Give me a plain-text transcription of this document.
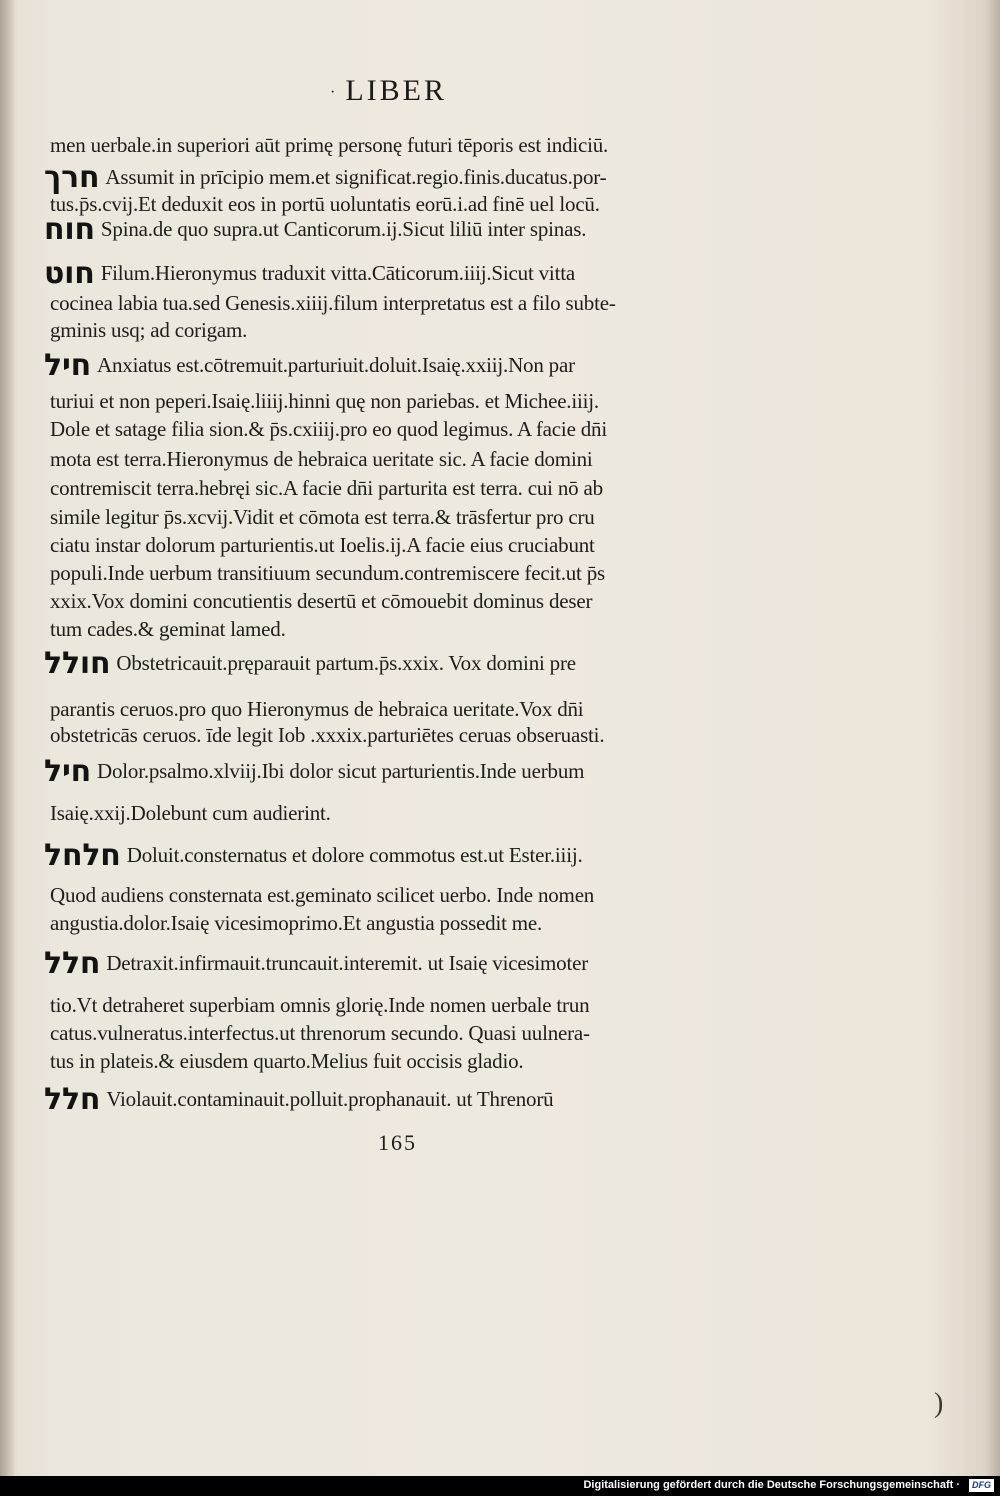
· LIBER
men uerbale.in superiori aūt primę personę futuri tēporis est indiciū.
חרך Assumit in prīcipio mem.et significat.regio.finis.ducatus.por-
tus.p̄s.cvij.Et deduxit eos in portū uoluntatis eorū.i.ad finē uel locū.
חוח Spina.de quo supra.ut Canticorum.ij.Sicut liliū inter spinas.
חוט Filum.Hieronymus traduxit vitta.Cāticorum.iiij.Sicut vitta
cocinea labia tua.sed Genesis.xiiij.filum interpretatus est a filo subte-
gminis usq; ad corigam.
חיל Anxiatus est.cōtremuit.parturiuit.doluit.Isaię.xxiij.Non par
turiui et non peperi.Isaię.liiij.hinni quę non pariebas. et Michee.iiij.
Dole et satage filia sion.& p̄s.cxiiij.pro eo quod legimus. A facie dn̄i
mota est terra.Hieronymus de hebraica ueritate sic. A facie domini
contremiscit terra.hebręi sic.A facie dn̄i parturita est terra. cui nō ab
simile legitur p̄s.xcvij.Vidit et cōmota est terra.& trāsfertur pro cru
ciatu instar dolorum parturientis.ut Ioelis.ij.A facie eius cruciabunt
populi.Inde uerbum transitiuum secundum.contremiscere fecit.ut p̄s
xxix.Vox domini concutientis desertū et cōmouebit dominus deser
tum cades.& geminat lamed.
חולל Obstetricauit.pręparauit partum.p̄s.xxix. Vox domini pre
parantis ceruos.pro quo Hieronymus de hebraica ueritate.Vox dn̄i
obstetricās ceruos. īde legit Iob .xxxix.parturiētes ceruas obseruasti.
חיל Dolor.psalmo.xlviij.Ibi dolor sicut parturientis.Inde uerbum
Isaię.xxij.Dolebunt cum audierint.
חלחל Doluit.consternatus et dolore commotus est.ut Ester.iiij.
Quod audiens consternata est.geminato scilicet uerbo. Inde nomen
angustia.dolor.Isaię vicesimoprimo.Et angustia possedit me.
חלל Detraxit.infirmauit.truncauit.interemit. ut Isaię vicesimoter
tio.Vt detraheret superbiam omnis glorię.Inde nomen uerbale trun
catus.vulneratus.interfectus.ut threnorum secundo. Quasi uulnera-
tus in plateis.& eiusdem quarto.Melius fuit occisis gladio.
חלל Violauit.contaminauit.polluit.prophanauit. ut Threnorū
165
)
Digitalisierung gefördert durch die Deutsche Forschungsgemeinschaft ·	DFG
